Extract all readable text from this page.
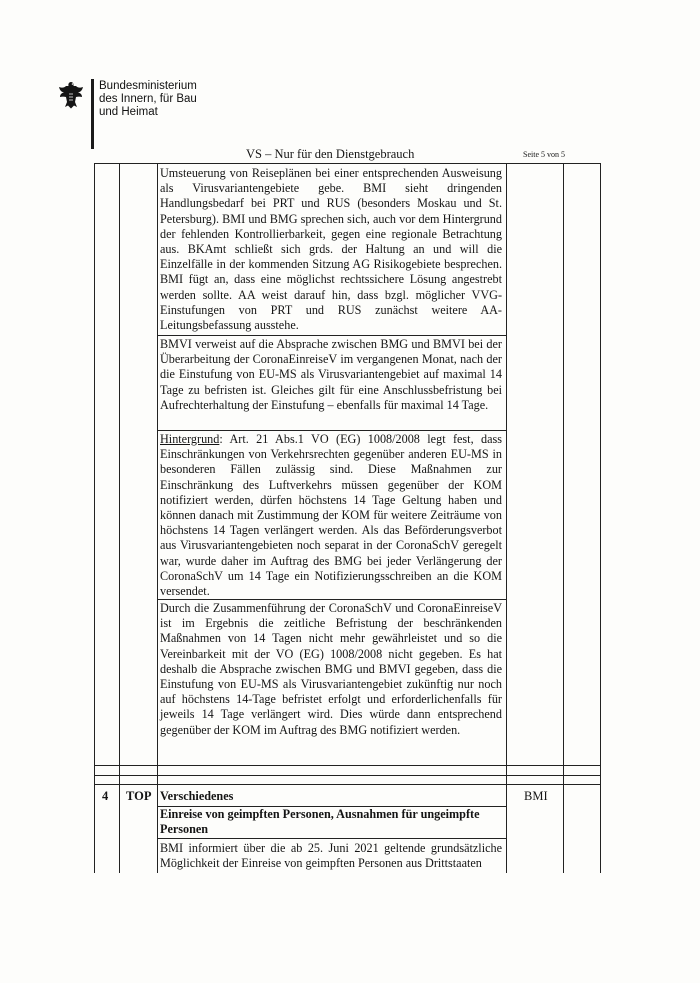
Bundesministerium
des Innern, für Bau
und Heimat
VS – Nur für den Dienstgebrauch	Seite 5 von 5

Umsteuerung von Reiseplänen bei einer entsprechenden Ausweisung als Virusvariantengebiete gebe. BMI sieht dringenden Handlungsbedarf bei PRT und RUS (besonders Moskau und St. Petersburg). BMI und BMG sprechen sich, auch vor dem Hintergrund der fehlenden Kontrollierbarkeit, gegen eine regionale Betrachtung aus. BKAmt schließt sich grds. der Haltung an und will die Einzelfälle in der kommenden Sitzung AG Risikogebiete besprechen. BMI fügt an, dass eine möglichst rechtssichere Lösung angestrebt werden sollte. AA weist darauf hin, dass bzgl. möglicher VVG-Einstufungen von PRT und RUS zunächst weitere AA-Leitungsbefassung ausstehe.

BMVI verweist auf die Absprache zwischen BMG und BMVI bei der Überarbeitung der CoronaEinreiseV im vergangenen Monat, nach der die Einstufung von EU-MS als Virusvariantengebiet auf maximal 14 Tage zu befristen ist. Gleiches gilt für eine Anschlussbefristung bei Aufrechterhaltung der Einstufung – ebenfalls für maximal 14 Tage.

Hintergrund: Art. 21 Abs.1 VO (EG) 1008/2008 legt fest, dass Einschränkungen von Verkehrsrechten gegenüber anderen EU-MS in besonderen Fällen zulässig sind. Diese Maßnahmen zur Einschränkung des Luftverkehrs müssen gegenüber der KOM notifiziert werden, dürfen höchstens 14 Tage Geltung haben und können danach mit Zustimmung der KOM für weitere Zeiträume von höchstens 14 Tagen verlängert werden. Als das Beförderungsverbot aus Virusvariantengebieten noch separat in der CoronaSchV geregelt war, wurde daher im Auftrag des BMG bei jeder Verlängerung der CoronaSchV um 14 Tage ein Notifizierungsschreiben an die KOM versendet.

Durch die Zusammenführung der CoronaSchV und CoronaEinreiseV ist im Ergebnis die zeitliche Befristung der beschränkenden Maßnahmen von 14 Tagen nicht mehr gewährleistet und so die Vereinbarkeit mit der VO (EG) 1008/2008 nicht gegeben. Es hat deshalb die Absprache zwischen BMG und BMVI gegeben, dass die Einstufung von EU-MS als Virusvariantengebiet zukünftig nur noch auf höchstens 14-Tage befristet erfolgt und erforderlichenfalls für jeweils 14 Tage verlängert wird. Dies würde dann entsprechend gegenüber der KOM im Auftrag des BMG notifiziert werden.

4 TOP Verschiedenes
Einreise von geimpften Personen, Ausnahmen für ungeimpfte Personen
BMI informiert über die ab 25. Juni 2021 geltende grundsätzliche Möglichkeit der Einreise von geimpften Personen aus Drittstaaten
BMI
